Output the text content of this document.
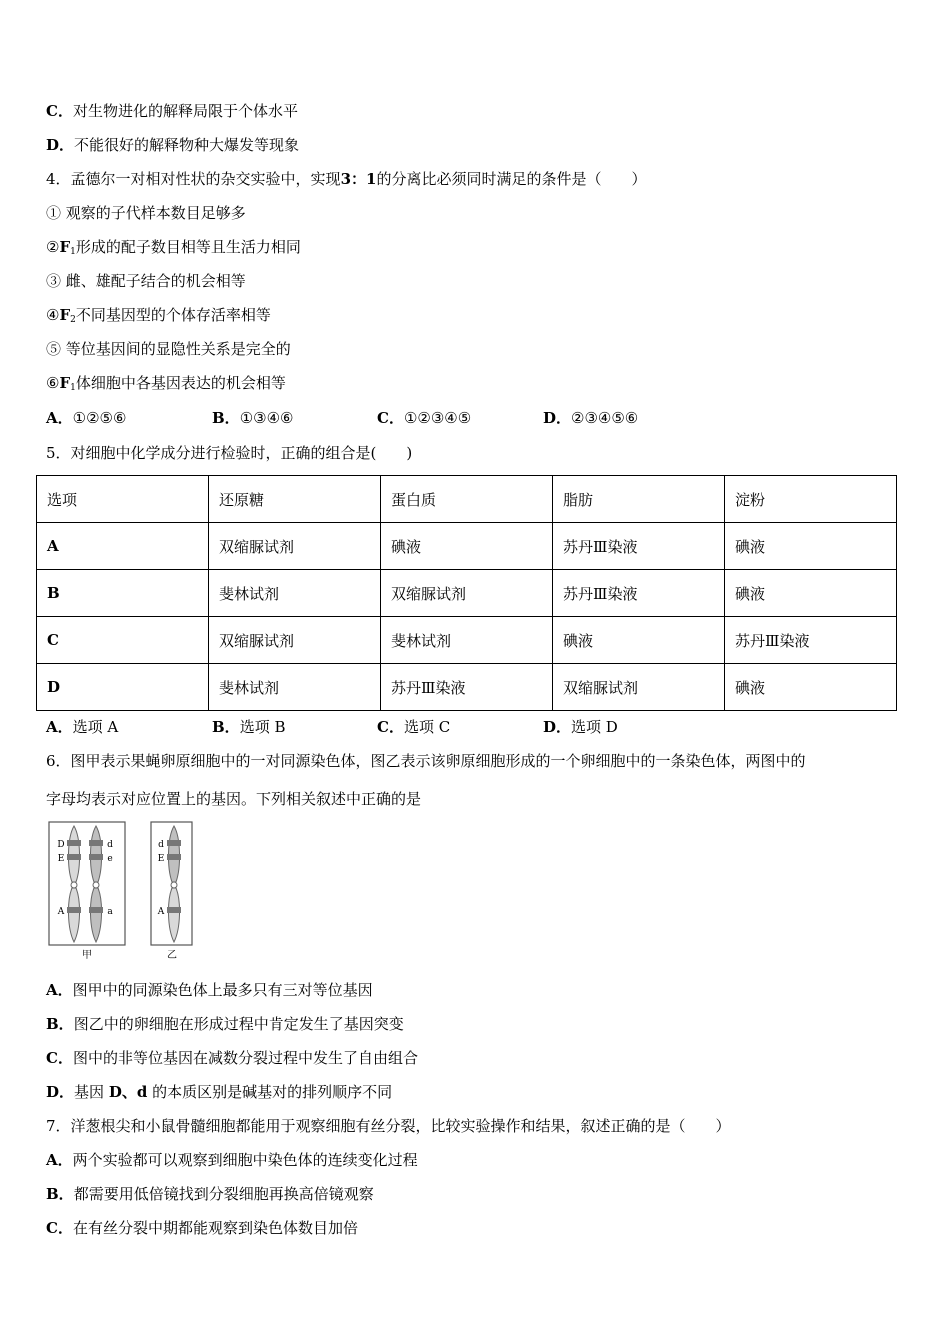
C．对生物进化的解释局限于个体水平
D．不能很好的解释物种大爆发等现象
4．孟德尔一对相对性状的杂交实验中，实现3：1的分离比必须同时满足的条件是（　　）
① 观察的子代样本数目足够多
$②F_1$形成的配子数目相等且生活力相同
③ 雌、雄配子结合的机会相等
$④F_2$不同基因型的个体存活率相等
⑤ 等位基因间的显隐性关系是完全的
$⑥F_1$体细胞中各基因表达的机会相等
A．①②⑤⑥	B．①③④⑥	C．①②③④⑤	D．②③④⑤⑥
5．对细胞中化学成分进行检验时，正确的组合是(　　)
选项	还原糖	蛋白质	脂肪	淀粉
A	双缩脲试剂	碘液	苏丹Ⅲ染液	碘液
B	斐林试剂	双缩脲试剂	苏丹Ⅲ染液	碘液
C	双缩脲试剂	斐林试剂	碘液	苏丹Ⅲ染液
D	斐林试剂	苏丹Ⅲ染液	双缩脲试剂	碘液
A．选项 A	B．选项 B	C．选项 C	D．选项 D
6．图甲表示果蝇卵原细胞中的一对同源染色体，图乙表示该卵原细胞形成的一个卵细胞中的一条染色体，两图中的
字母均表示对应位置上的基因。下列相关叙述中正确的是
D
E
A
d
e
a
甲
d
E
A
乙
A．图甲中的同源染色体上最多只有三对等位基因
B．图乙中的卵细胞在形成过程中肯定发生了基因突变
C．图中的非等位基因在减数分裂过程中发生了自由组合
D．基因 D、d 的本质区别是碱基对的排列顺序不同
7．洋葱根尖和小鼠骨髓细胞都能用于观察细胞有丝分裂，比较实验操作和结果，叙述正确的是（　　）
A．两个实验都可以观察到细胞中染色体的连续变化过程
B．都需要用低倍镜找到分裂细胞再换高倍镜观察
C．在有丝分裂中期都能观察到染色体数目加倍
